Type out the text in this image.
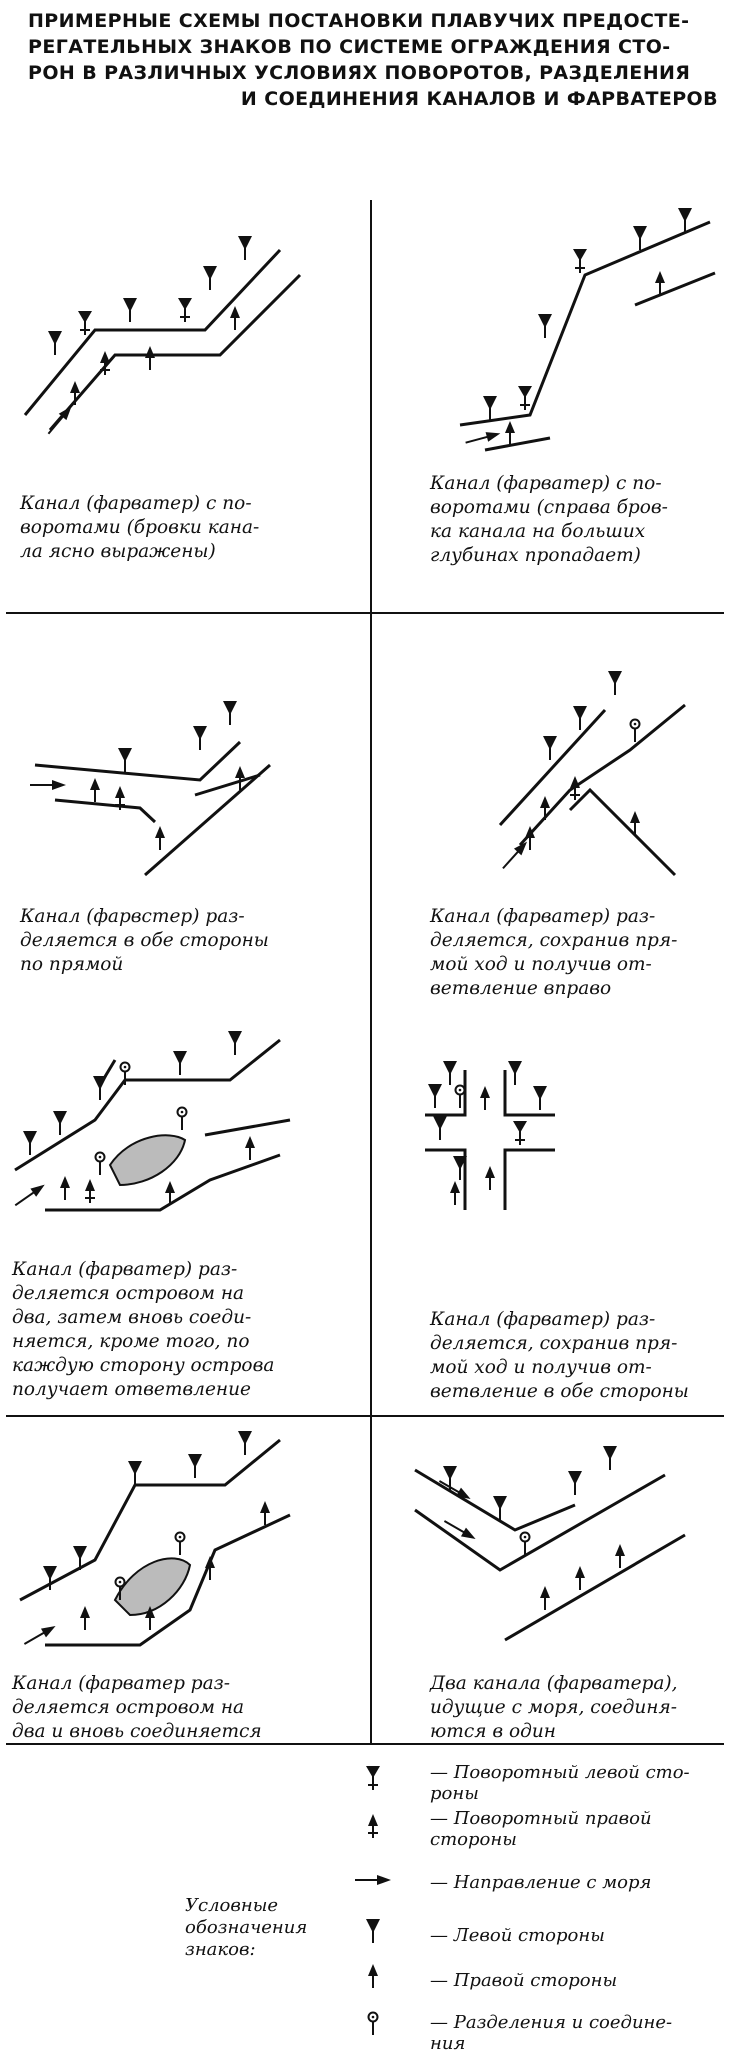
ПРИМЕРНЫЕ СХЕМЫ ПОСТАНОВКИ ПЛАВУЧИХ ПРЕДОСТЕ-
РЕГАТЕЛЬНЫХ ЗНАКОВ ПО СИСТЕМЕ ОГРАЖДЕНИЯ СТО-
РОН В РАЗЛИЧНЫХ УСЛОВИЯХ ПОВОРОТОВ, РАЗДЕЛЕНИЯ
И СОЕДИНЕНИЯ КАНАЛОВ И ФАРВАТЕРОВ

Канал (фарватер) с по-
воротами (бровки кана-
ла ясно выражены)

Канал (фарватер) с по-
воротами (справа бров-
ка канала на больших
глубинах пропадает)

Канал (фарвстер) раз-
деляется в обе стороны
по прямой

Канал (фарватер) раз-
деляется, сохранив пря-
мой ход и получив от-
ветвление вправо

Канал (фарватер) раз-
деляется островом на
два, затем вновь соеди-
няется, кроме того, по
каждую сторону острова
получает ответвление

Канал (фарватер) раз-
деляется, сохранив пря-
мой ход и получив от-
ветвление в обе стороны

Канал (фарватер раз-
деляется островом на
два и вновь соединяется

Два канала (фарватера),
идущие с моря, соединя-
ются в один

Условные
обозначения
знаков:

— Поворотный левой сто-
роны

— Поворотный правой
стороны

— Направление с моря

— Левой стороны

— Правой стороны

— Разделения и соедине-
ния
